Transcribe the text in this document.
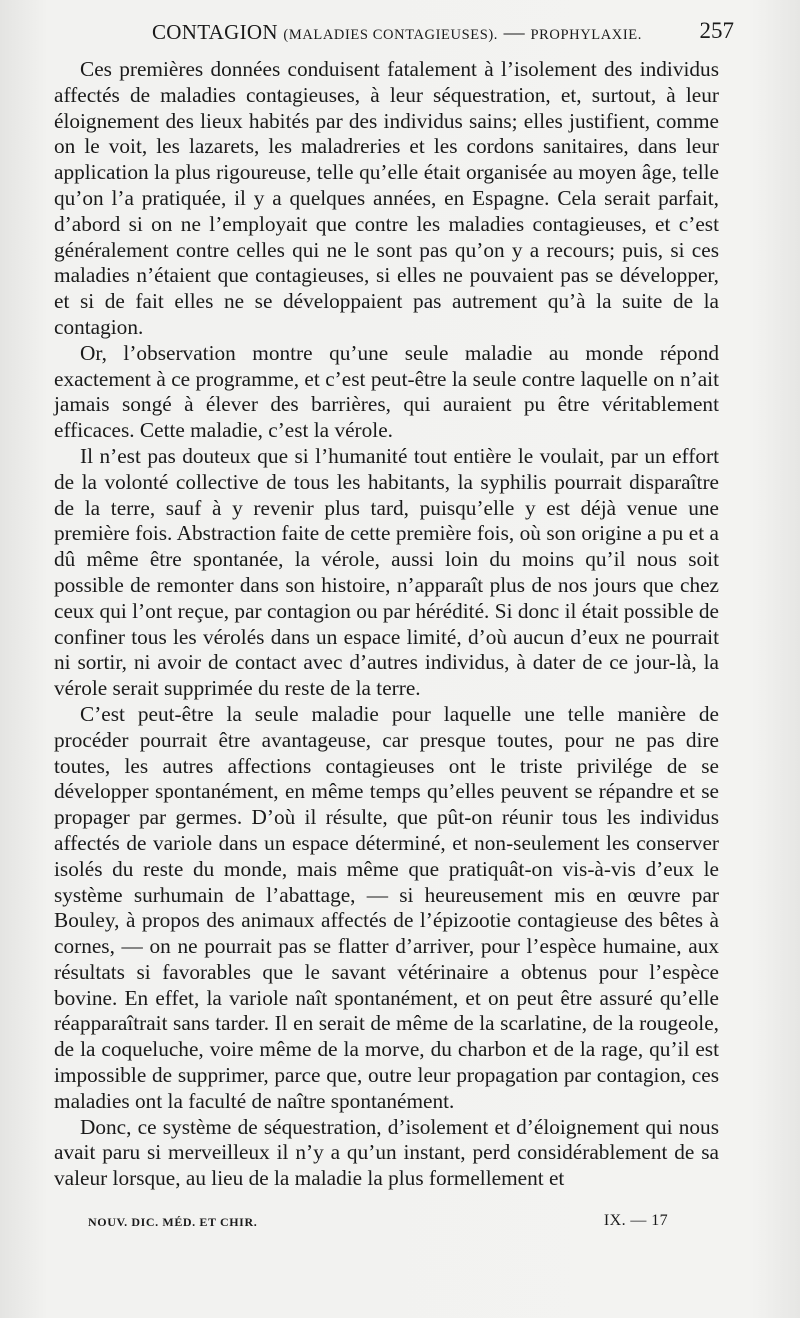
CONTAGION (MALADIES CONTAGIEUSES). — PROPHYLAXIE.	257

Ces premières données conduisent fatalement à l’isolement des individus affectés de maladies contagieuses, à leur séquestration, et, surtout, à leur éloignement des lieux habités par des individus sains; elles justifient, comme on le voit, les lazarets, les maladreries et les cordons sanitaires, dans leur application la plus rigoureuse, telle qu’elle était organisée au moyen âge, telle qu’on l’a pratiquée, il y a quelques années, en Espagne. Cela serait parfait, d’abord si on ne l’employait que contre les maladies contagieuses, et c’est généralement contre celles qui ne le sont pas qu’on y a recours; puis, si ces maladies n’étaient que contagieuses, si elles ne pouvaient pas se développer, et si de fait elles ne se développaient pas autrement qu’à la suite de la contagion.

Or, l’observation montre qu’une seule maladie au monde répond exactement à ce programme, et c’est peut-être la seule contre laquelle on n’ait jamais songé à élever des barrières, qui auraient pu être véritablement efficaces. Cette maladie, c’est la vérole.

Il n’est pas douteux que si l’humanité tout entière le voulait, par un effort de la volonté collective de tous les habitants, la syphilis pourrait disparaître de la terre, sauf à y revenir plus tard, puisqu’elle y est déjà venue une première fois. Abstraction faite de cette première fois, où son origine a pu et a dû même être spontanée, la vérole, aussi loin du moins qu’il nous soit possible de remonter dans son histoire, n’apparaît plus de nos jours que chez ceux qui l’ont reçue, par contagion ou par hérédité. Si donc il était possible de confiner tous les vérolés dans un espace limité, d’où aucun d’eux ne pourrait ni sortir, ni avoir de contact avec d’autres individus, à dater de ce jour-là, la vérole serait supprimée du reste de la terre.

C’est peut-être la seule maladie pour laquelle une telle manière de procéder pourrait être avantageuse, car presque toutes, pour ne pas dire toutes, les autres affections contagieuses ont le triste privilége de se développer spontanément, en même temps qu’elles peuvent se répandre et se propager par germes. D’où il résulte, que pût-on réunir tous les individus affectés de variole dans un espace déterminé, et non-seulement les conserver isolés du reste du monde, mais même que pratiquât-on vis-à-vis d’eux le système surhumain de l’abattage, — si heureusement mis en œuvre par Bouley, à propos des animaux affectés de l’épizootie contagieuse des bêtes à cornes, — on ne pourrait pas se flatter d’arriver, pour l’espèce humaine, aux résultats si favorables que le savant vétérinaire a obtenus pour l’espèce bovine. En effet, la variole naît spontanément, et on peut être assuré qu’elle réapparaîtrait sans tarder. Il en serait de même de la scarlatine, de la rougeole, de la coqueluche, voire même de la morve, du charbon et de la rage, qu’il est impossible de supprimer, parce que, outre leur propagation par contagion, ces maladies ont la faculté de naître spontanément.

Donc, ce système de séquestration, d’isolement et d’éloignement qui nous avait paru si merveilleux il n’y a qu’un instant, perd considérablement de sa valeur lorsque, au lieu de la maladie la plus formellement et

NOUV. DIC. MÉD. ET CHIR.	IX. — 17
